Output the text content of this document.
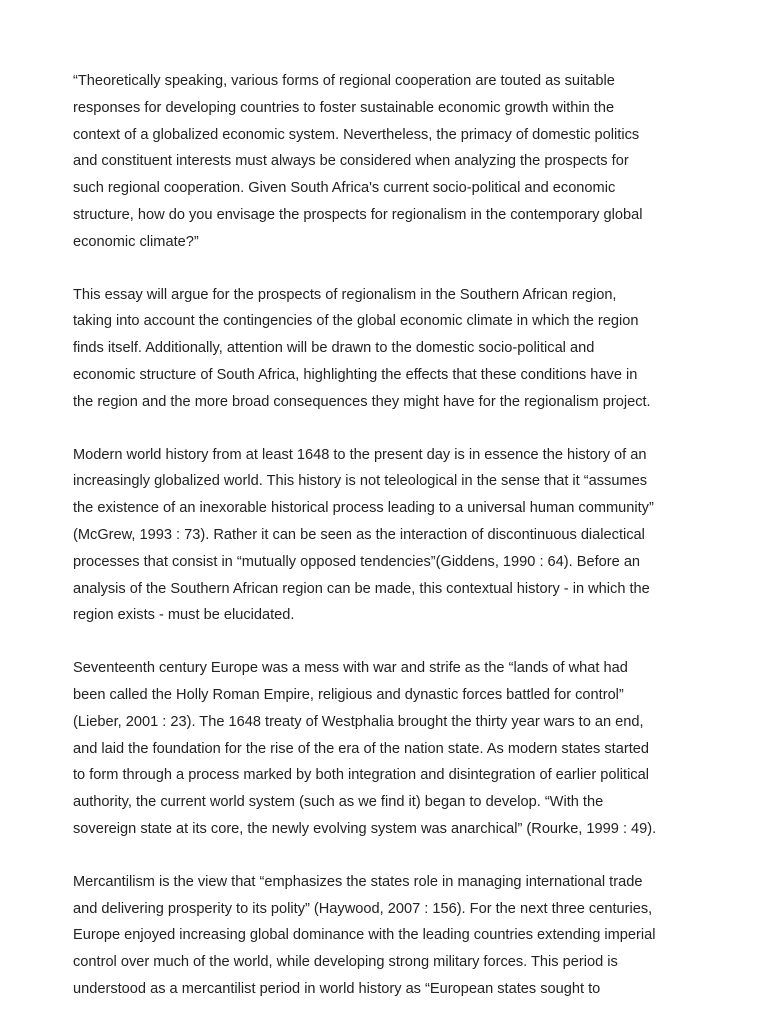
“Theoretically speaking, various forms of regional cooperation are touted as suitable
responses for developing countries to foster sustainable economic growth within the
context of a globalized economic system. Nevertheless, the primacy of domestic politics
and constituent interests must always be considered when analyzing the prospects for
such regional cooperation. Given South Africa's current socio-political and economic
structure, how do you envisage the prospects for regionalism in the contemporary global
economic climate?”

This essay will argue for the prospects of regionalism in the Southern African region,
taking into account the contingencies of the global economic climate in which the region
finds itself. Additionally, attention will be drawn to the domestic socio-political and
economic structure of South Africa, highlighting the effects that these conditions have in
the region and the more broad consequences they might have for the regionalism project.

Modern world history from at least 1648 to the present day is in essence the history of an
increasingly globalized world. This history is not teleological in the sense that it “assumes
the existence of an inexorable historical process leading to a universal human community”
(McGrew, 1993 : 73). Rather it can be seen as the interaction of discontinuous dialectical
processes that consist in “mutually opposed tendencies”(Giddens, 1990 : 64). Before an
analysis of the Southern African region can be made, this contextual history - in which the
region exists - must be elucidated.

Seventeenth century Europe was a mess with war and strife as the “lands of what had
been called the Holly Roman Empire, religious and dynastic forces battled for control”
(Lieber, 2001 : 23). The 1648 treaty of Westphalia brought the thirty year wars to an end,
and laid the foundation for the rise of the era of the nation state. As modern states started
to form through a process marked by both integration and disintegration of earlier political
authority, the current world system (such as we find it) began to develop. “With the
sovereign state at its core, the newly evolving system was anarchical” (Rourke, 1999 : 49).

Mercantilism is the view that “emphasizes the states role in managing international trade
and delivering prosperity to its polity” (Haywood, 2007 : 156). For the next three centuries,
Europe enjoyed increasing global dominance with the leading countries extending imperial
control over much of the world, while developing strong military forces. This period is
understood as a mercantilist period in world history as “European states sought to
